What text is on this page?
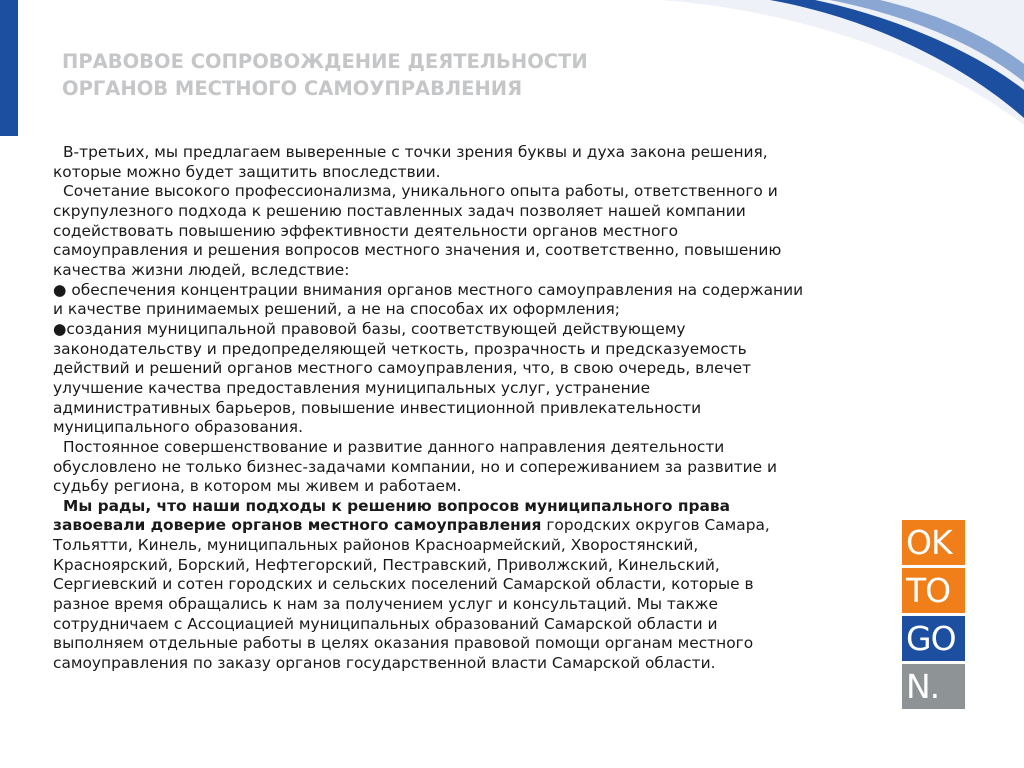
ПРАВОВОЕ СОПРОВОЖДЕНИЕ ДЕЯТЕЛЬНОСТИ
ОРГАНОВ МЕСТНОГО САМОУПРАВЛЕНИЯ

В-третьих, мы предлагаем выверенные с точки зрения буквы и духа закона решения,

которые можно будет защитить впоследствии.

Сочетание высокого профессионализма, уникального опыта работы, ответственного и

скрупулезного подхода к решению поставленных задач позволяет нашей компании

содействовать повышению эффективности деятельности органов местного

самоуправления и решения вопросов местного значения и, соответственно, повышению

качества жизни людей, вследствие:

● обеспечения концентрации внимания органов местного самоуправления на содержании

и качестве принимаемых решений, а не на способах их оформления;

●создания муниципальной правовой базы, соответствующей действующему

законодательству и предопределяющей четкость, прозрачность и предсказуемость

действий и решений органов местного самоуправления, что, в свою очередь, влечет

улучшение качества предоставления муниципальных услуг, устранение

административных барьеров, повышение инвестиционной привлекательности

муниципального образования.

Постоянное совершенствование и развитие данного направления деятельности

обусловлено не только бизнес-задачами компании, но и сопереживанием за развитие и

судьбу региона, в котором мы живем и работаем.

Мы рады, что наши подходы к решению вопросов муниципального права

завоевали доверие органов местного самоуправления городских округов Самара,

Тольятти, Кинель, муниципальных районов Красноармейский, Хворостянский,

Красноярский, Борский, Нефтегорский, Пестравский, Приволжский, Кинельский,

Сергиевский и сотен городских и сельских поселений Самарской области, которые в

разное время обращались к нам за получением услуг и консультаций. Мы также

сотрудничаем с Ассоциацией муниципальных образований Самарской области и

выполняем отдельные работы в целях оказания правовой помощи органам местного

самоуправления по заказу органов государственной власти Самарской области.

OK
TO
GO
N.
